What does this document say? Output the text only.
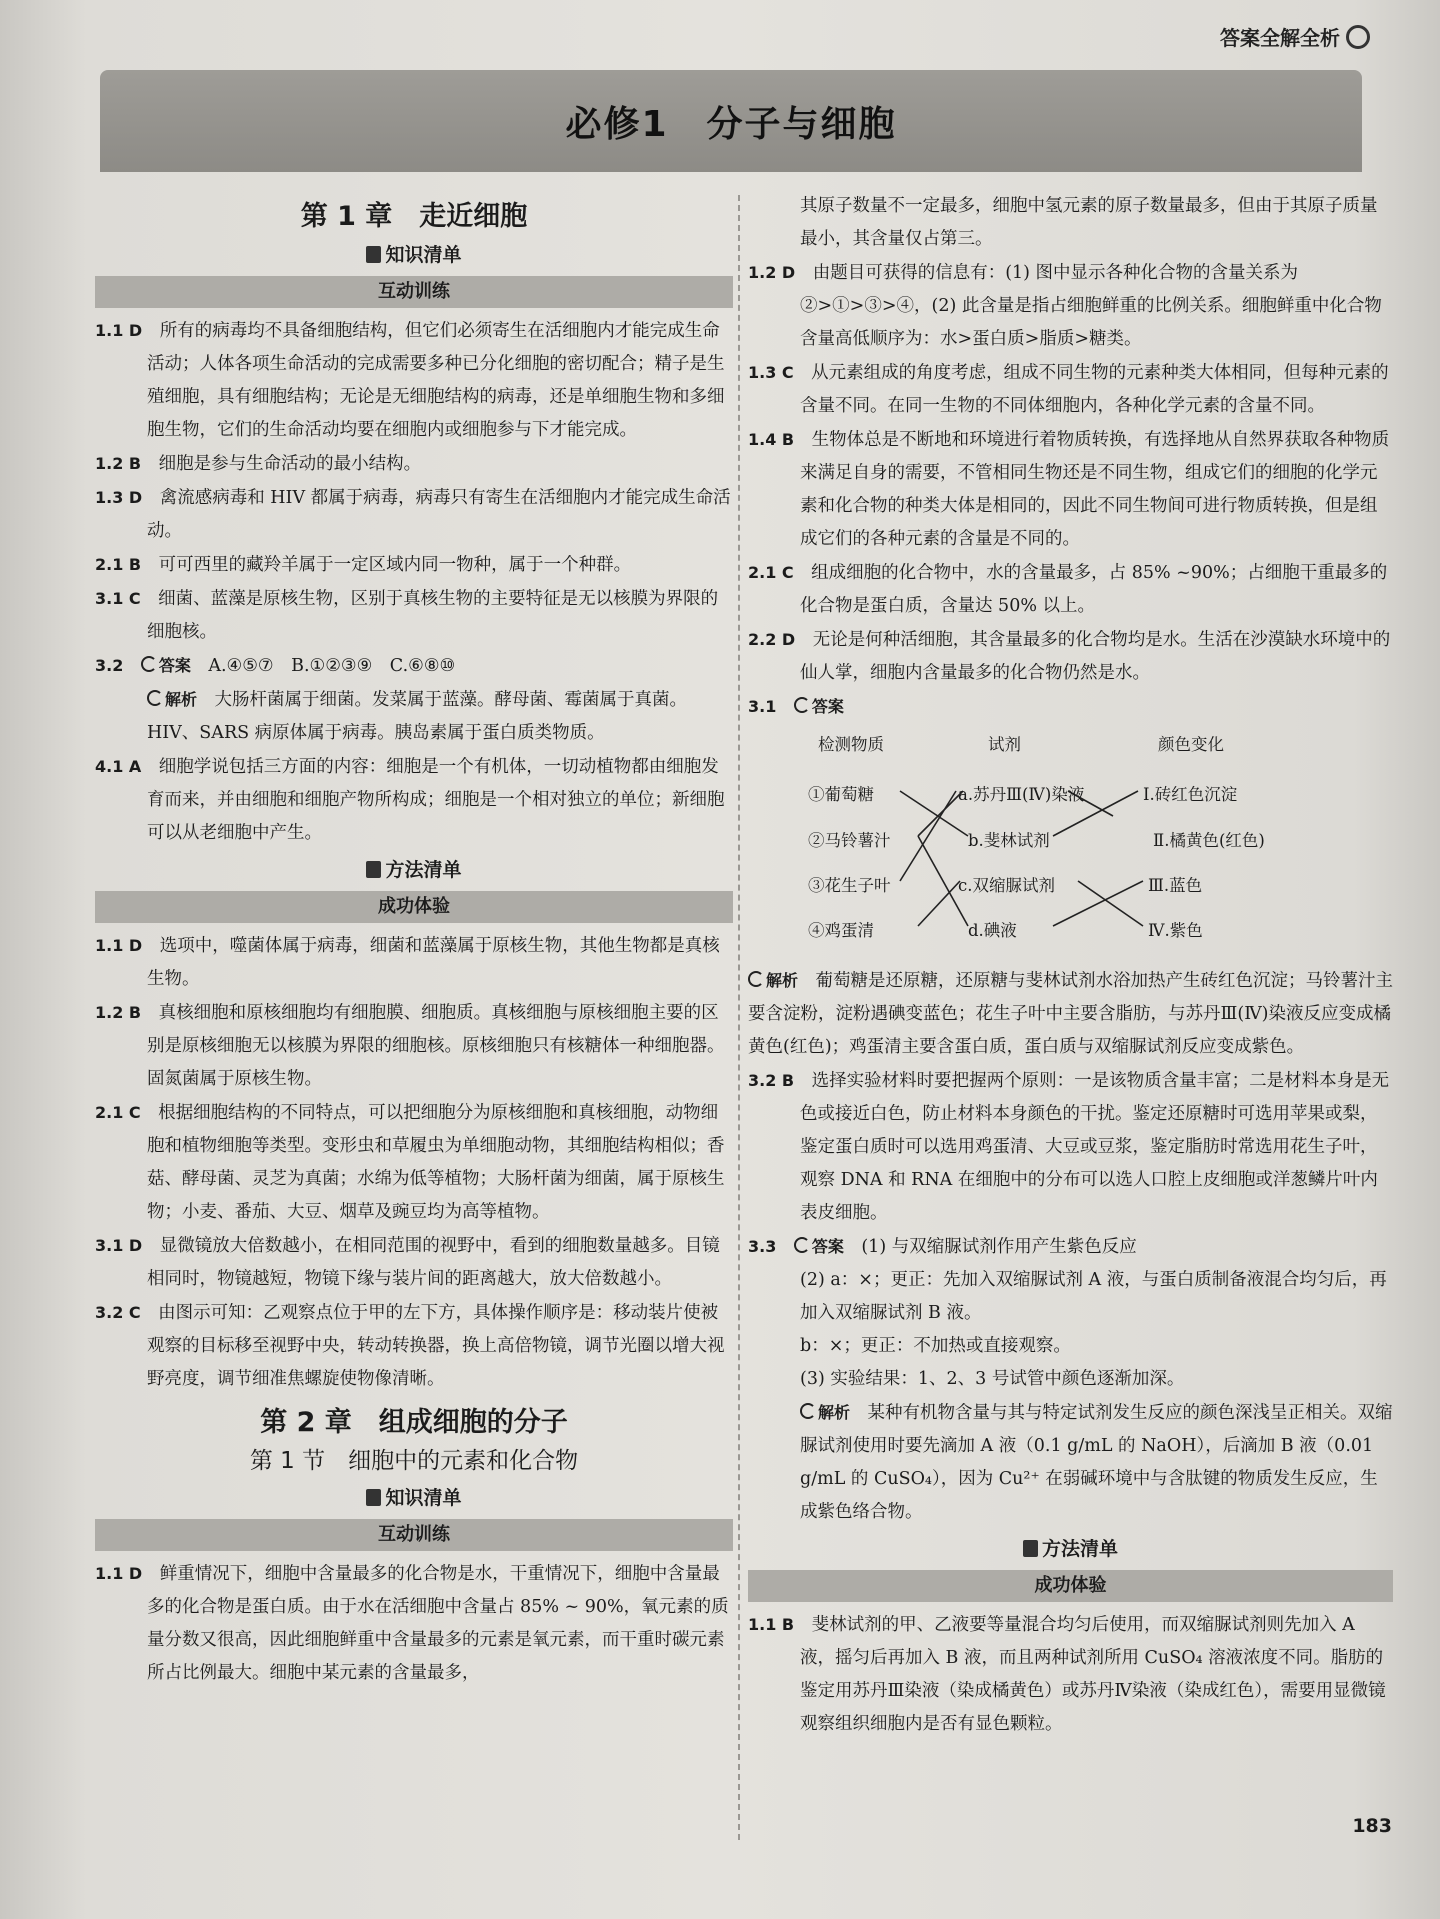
答案全解全析
必修1　分子与细胞
第 1 章　走近细胞
知识清单
互动训练

1.1 D　 所有的病毒均不具备细胞结构，但它们必须寄生在活细胞内才能完成生命活动；人体各项生命活动的完成需要多种已分化细胞的密切配合；精子是生殖细胞，具有细胞结构；无论是无细胞结构的病毒，还是单细胞生物和多细胞生物，它们的生命活动均要在细胞内或细胞参与下才能完成。

1.2 B　 细胞是参与生命活动的最小结构。

1.3 D　 禽流感病毒和 HIV 都属于病毒，病毒只有寄生在活细胞内才能完成生命活动。

2.1 B　 可可西里的藏羚羊属于一定区域内同一物种，属于一个种群。

3.1 C　 细菌、蓝藻是原核生物，区别于真核生物的主要特征是无以核膜为界限的细胞核。

3.2　 答案　 A.④⑤⑦　B.①②③⑨　C.⑥⑧⑩

解析　 大肠杆菌属于细菌。发菜属于蓝藻。酵母菌、霉菌属于真菌。HIV、SARS 病原体属于病毒。胰岛素属于蛋白质类物质。

4.1 A　 细胞学说包括三方面的内容：细胞是一个有机体，一切动植物都由细胞发育而来，并由细胞和细胞产物所构成；细胞是一个相对独立的单位；新细胞可以从老细胞中产生。

方法清单
成功体验

1.1 D　 选项中，噬菌体属于病毒，细菌和蓝藻属于原核生物，其他生物都是真核生物。

1.2 B　 真核细胞和原核细胞均有细胞膜、细胞质。真核细胞与原核细胞主要的区别是原核细胞无以核膜为界限的细胞核。原核细胞只有核糖体一种细胞器。固氮菌属于原核生物。

2.1 C　 根据细胞结构的不同特点，可以把细胞分为原核细胞和真核细胞，动物细胞和植物细胞等类型。变形虫和草履虫为单细胞动物，其细胞结构相似；香菇、酵母菌、灵芝为真菌；水绵为低等植物；大肠杆菌为细菌，属于原核生物；小麦、番茄、大豆、烟草及豌豆均为高等植物。

3.1 D　 显微镜放大倍数越小，在相同范围的视野中，看到的细胞数量越多。目镜相同时，物镜越短，物镜下缘与装片间的距离越大，放大倍数越小。

3.2 C　 由图示可知：乙观察点位于甲的左下方，具体操作顺序是：移动装片使被观察的目标移至视野中央，转动转换器，换上高倍物镜，调节光圈以增大视野亮度，调节细准焦螺旋使物像清晰。

第 2 章　组成细胞的分子
第 1 节　细胞中的元素和化合物
知识清单
互动训练

1.1 D　 鲜重情况下，细胞中含量最多的化合物是水，干重情况下，细胞中含量最多的化合物是蛋白质。由于水在活细胞中含量占 85% ~ 90%，氧元素的质量分数又很高，因此细胞鲜重中含量最多的元素是氧元素，而干重时碳元素所占比例最大。细胞中某元素的含量最多，

其原子数量不一定最多，细胞中氢元素的原子数量最多，但由于其原子质量最小，其含量仅占第三。

1.2 D　 由题目可获得的信息有：(1) 图中显示各种化合物的含量关系为②>①>③>④，(2) 此含量是指占细胞鲜重的比例关系。细胞鲜重中化合物含量高低顺序为：水>蛋白质>脂质>糖类。

1.3 C　 从元素组成的角度考虑，组成不同生物的元素种类大体相同，但每种元素的含量不同。在同一生物的不同体细胞内，各种化学元素的含量不同。

1.4 B　 生物体总是不断地和环境进行着物质转换，有选择地从自然界获取各种物质来满足自身的需要，不管相同生物还是不同生物，组成它们的细胞的化学元素和化合物的种类大体是相同的，因此不同生物间可进行物质转换，但是组成它们的各种元素的含量是不同的。

2.1 C　 组成细胞的化合物中，水的含量最多，占 85% ~90%；占细胞干重最多的化合物是蛋白质，含量达 50% 以上。

2.2 D　 无论是何种活细胞，其含量最多的化合物均是水。生活在沙漠缺水环境中的仙人掌，细胞内含量最多的化合物仍然是水。

3.1　 答案

检测物质	试剂	颜色变化
①葡萄糖
②马铃薯汁
③花生子叶
④鸡蛋清
a.苏丹Ⅲ(Ⅳ)染液
b.斐林试剂
c.双缩脲试剂
d.碘液
Ⅰ.砖红色沉淀
Ⅱ.橘黄色(红色)
Ⅲ.蓝色
Ⅳ.紫色

解析　 葡萄糖是还原糖，还原糖与斐林试剂水浴加热产生砖红色沉淀；马铃薯汁主要含淀粉，淀粉遇碘变蓝色；花生子叶中主要含脂肪，与苏丹Ⅲ(Ⅳ)染液反应变成橘黄色(红色)；鸡蛋清主要含蛋白质，蛋白质与双缩脲试剂反应变成紫色。

3.2 B　 选择实验材料时要把握两个原则：一是该物质含量丰富；二是材料本身是无色或接近白色，防止材料本身颜色的干扰。鉴定还原糖时可选用苹果或梨，鉴定蛋白质时可以选用鸡蛋清、大豆或豆浆，鉴定脂肪时常选用花生子叶，观察 DNA 和 RNA 在细胞中的分布可以选人口腔上皮细胞或洋葱鳞片叶内表皮细胞。

3.3　 答案　 (1) 与双缩脲试剂作用产生紫色反应

(2) a：×；更正：先加入双缩脲试剂 A 液，与蛋白质制备液混合均匀后，再加入双缩脲试剂 B 液。

b：×；更正：不加热或直接观察。

(3) 实验结果：1、2、3 号试管中颜色逐渐加深。

解析　 某种有机物含量与其与特定试剂发生反应的颜色深浅呈正相关。双缩脲试剂使用时要先滴加 A 液（0.1 g/mL 的 NaOH），后滴加 B 液（0.01 g/mL 的 CuSO₄），因为 Cu²⁺ 在弱碱环境中与含肽键的物质发生反应，生成紫色络合物。

方法清单
成功体验

1.1 B　 斐林试剂的甲、乙液要等量混合均匀后使用，而双缩脲试剂则先加入 A 液，摇匀后再加入 B 液，而且两种试剂所用 CuSO₄ 溶液浓度不同。脂肪的鉴定用苏丹Ⅲ染液（染成橘黄色）或苏丹Ⅳ染液（染成红色），需要用显微镜观察组织细胞内是否有显色颗粒。

183
